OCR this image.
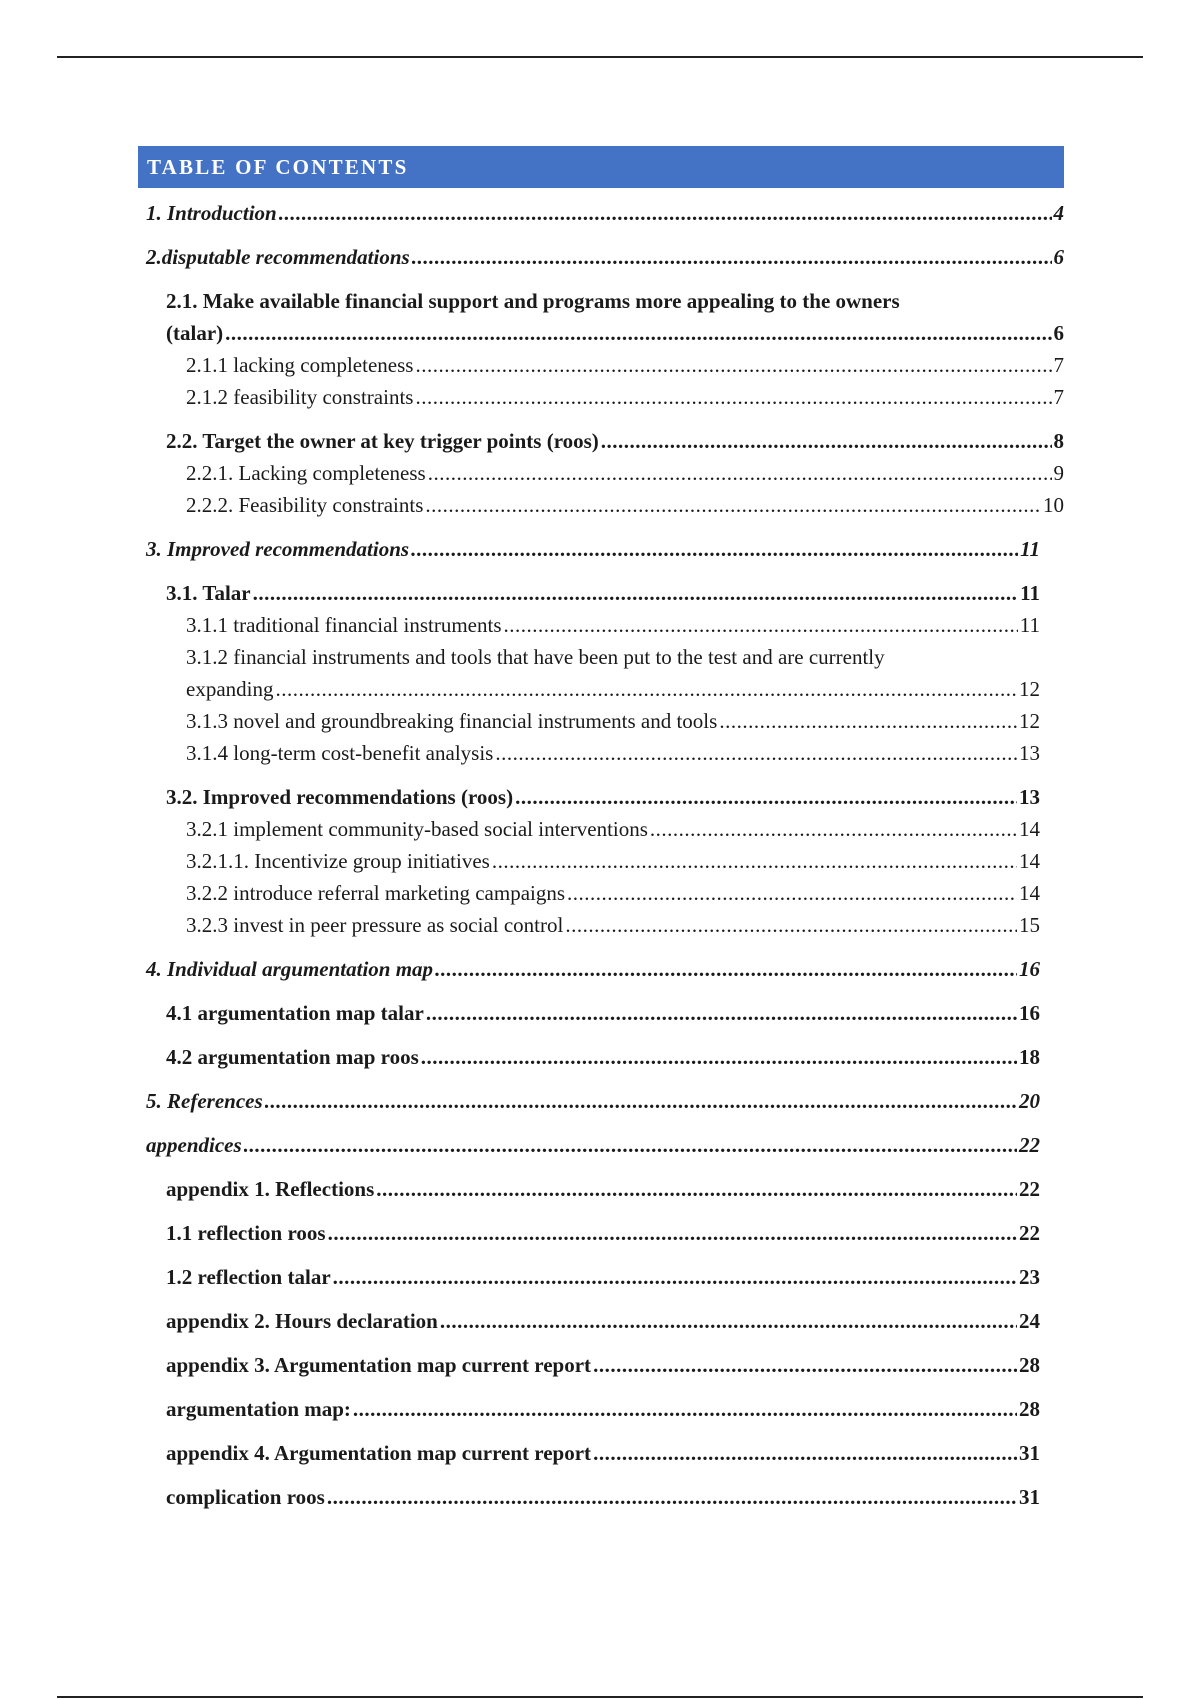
TABLE OF CONTENTS
1. Introduction .....	4
2.disputable recommendations .....	6
2.1. Make available financial support and programs more appealing to the owners
(talar) .....	6
2.1.1 lacking completeness .....	7
2.1.2 feasibility constraints .....	7
2.2. Target the owner at key trigger points (roos) .....	8
2.2.1. Lacking completeness .....	9
2.2.2. Feasibility constraints .....	10
3. Improved recommendations .....	11
3.1. Talar .....	11
3.1.1 traditional financial instruments .....	11
3.1.2 financial instruments and tools that have been put to the test and are currently
expanding .....	12
3.1.3 novel and groundbreaking financial instruments and tools .....	12
3.1.4 long-term cost-benefit analysis .....	13
3.2. Improved recommendations (roos) .....	13
3.2.1 implement community-based social interventions .....	14
3.2.1.1. Incentivize group initiatives .....	14
3.2.2 introduce referral marketing campaigns .....	14
3.2.3 invest in peer pressure as social control .....	15
4. Individual argumentation map .....	16
4.1 argumentation map talar .....	16
4.2 argumentation map roos .....	18
5. References .....	20
appendices .....	22
appendix 1. Reflections .....	22
1.1 reflection roos .....	22
1.2 reflection talar .....	23
appendix 2. Hours declaration .....	24
appendix 3. Argumentation map current report .....	28
argumentation map: .....	28
appendix 4. Argumentation map current report .....	31
complication roos .....	31
